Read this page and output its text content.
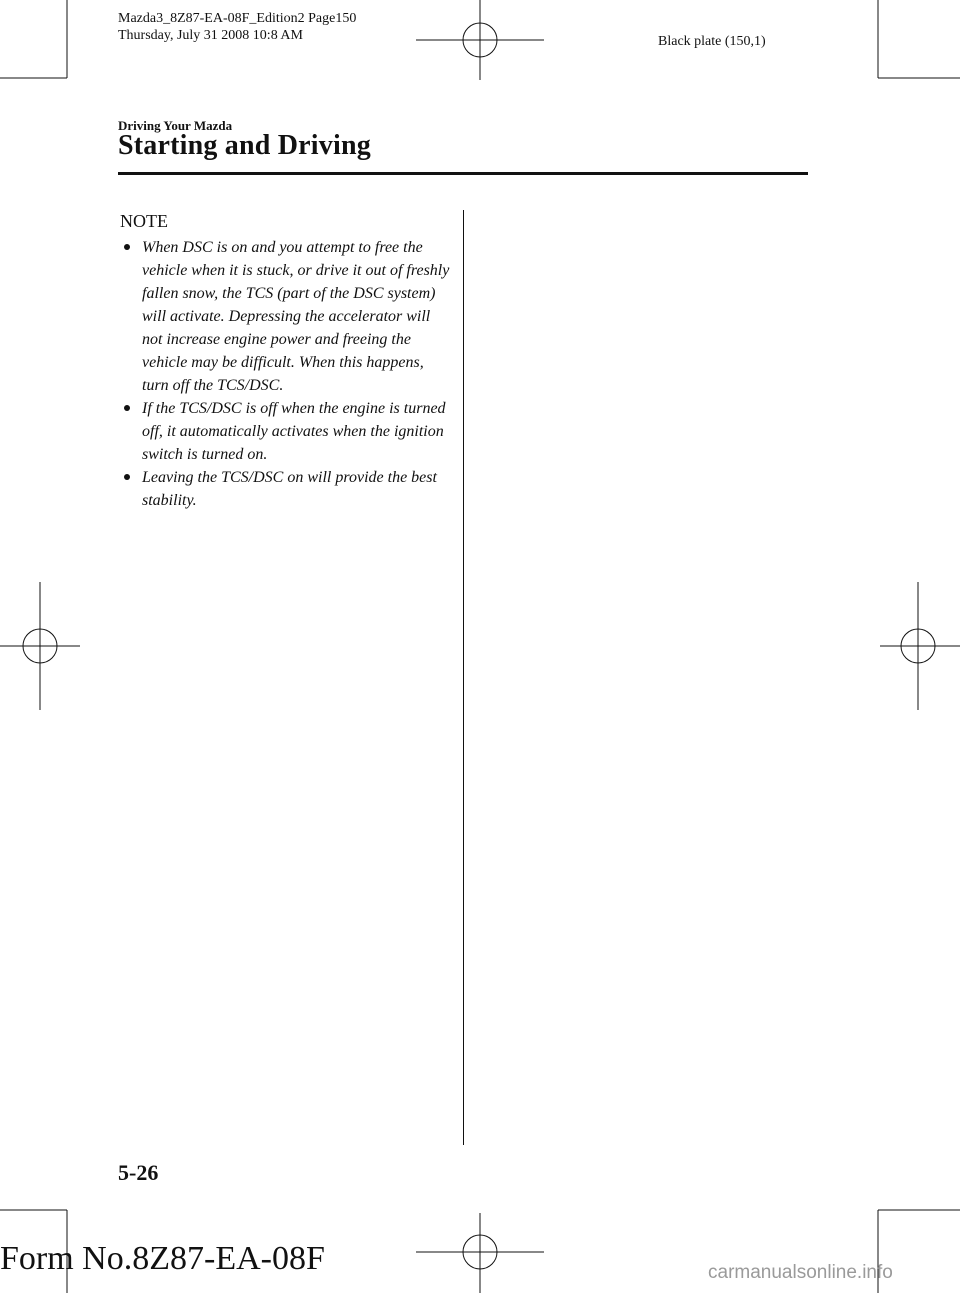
Mazda3_8Z87-EA-08F_Edition2 Page150
Thursday, July 31 2008 10:8 AM	Black plate (150,1)
Driving Your Mazda
Starting and Driving
NOTE
When DSC is on and you attempt to free the vehicle when it is stuck, or drive it out of freshly fallen snow, the TCS (part of the DSC system) will activate. Depressing the accelerator will not increase engine power and freeing the vehicle may be difficult. When this happens, turn off the TCS/DSC.
If the TCS/DSC is off when the engine is turned off, it automatically activates when the ignition switch is turned on.
Leaving the TCS/DSC on will provide the best stability.
5-26
Form No.8Z87-EA-08F	carmanualsonline.info
